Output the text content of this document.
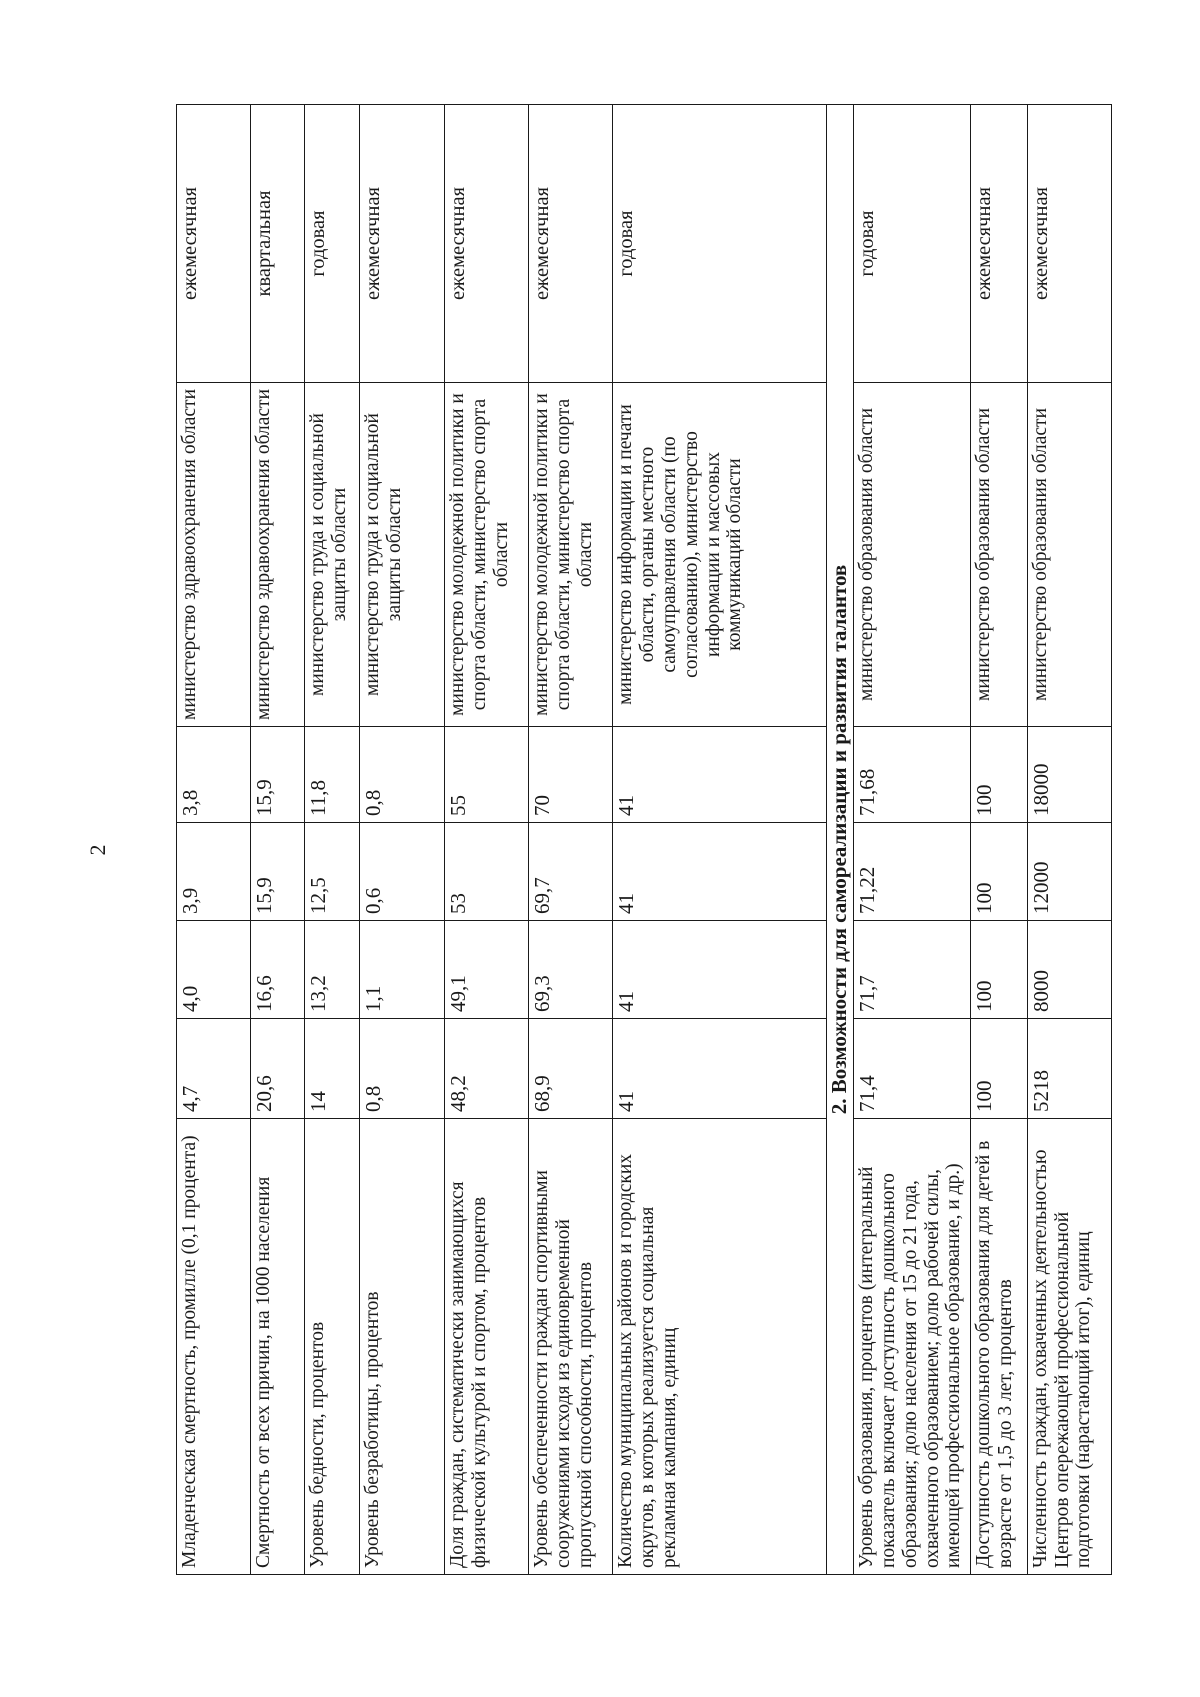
2
Младенческая смертность, промилле (0,1 процента)	4,7	4,0	3,9	3,8	министерство здравоохранения области	ежемесячная
Смертность от всех причин, на 1000 населения	20,6	16,6	15,9	15,9	министерство здравоохранения области	квартальная
Уровень бедности, процентов	14	13,2	12,5	11,8	министерство труда и социальной защиты области	годовая
Уровень безработицы, процентов	0,8	1,1	0,6	0,8	министерство труда и социальной защиты области	ежемесячная
Доля граждан, систематически занимающихся физической культурой и спортом, процентов	48,2	49,1	53	55	министерство молодежной политики и спорта области, министерство спорта области	ежемесячная
Уровень обеспеченности граждан спортивными сооружениями исходя из единовременной пропускной способности, процентов	68,9	69,3	69,7	70	министерство молодежной политики и спорта области, министерство спорта области	ежемесячная
Количество муниципальных районов и городских округов, в которых реализуется социальная рекламная кампания, единиц	41	41	41	41	министерство информации и печати области, органы местного самоуправления области (по согласованию), министерство информации и массовых коммуникаций области	годовая
2. Возможности для самореализации и развития талантов						
Уровень образования, процентов (интегральный показатель включает доступность дошкольного образования; долю населения от 15 до 21 года, охваченного образованием; долю рабочей силы, имеющей профессиональное образование, и др.)	71,4	71,7	71,22	71,68	министерство образования области	годовая
Доступность дошкольного образования для детей в возрасте от 1,5 до 3 лет, процентов	100	100	100	100	министерство образования области	ежемесячная
Численность граждан, охваченных деятельностью Центров опережающей профессиональной подготовки (нарастающий итог), единиц	5218	8000	12000	18000	министерство образования области	ежемесячная
